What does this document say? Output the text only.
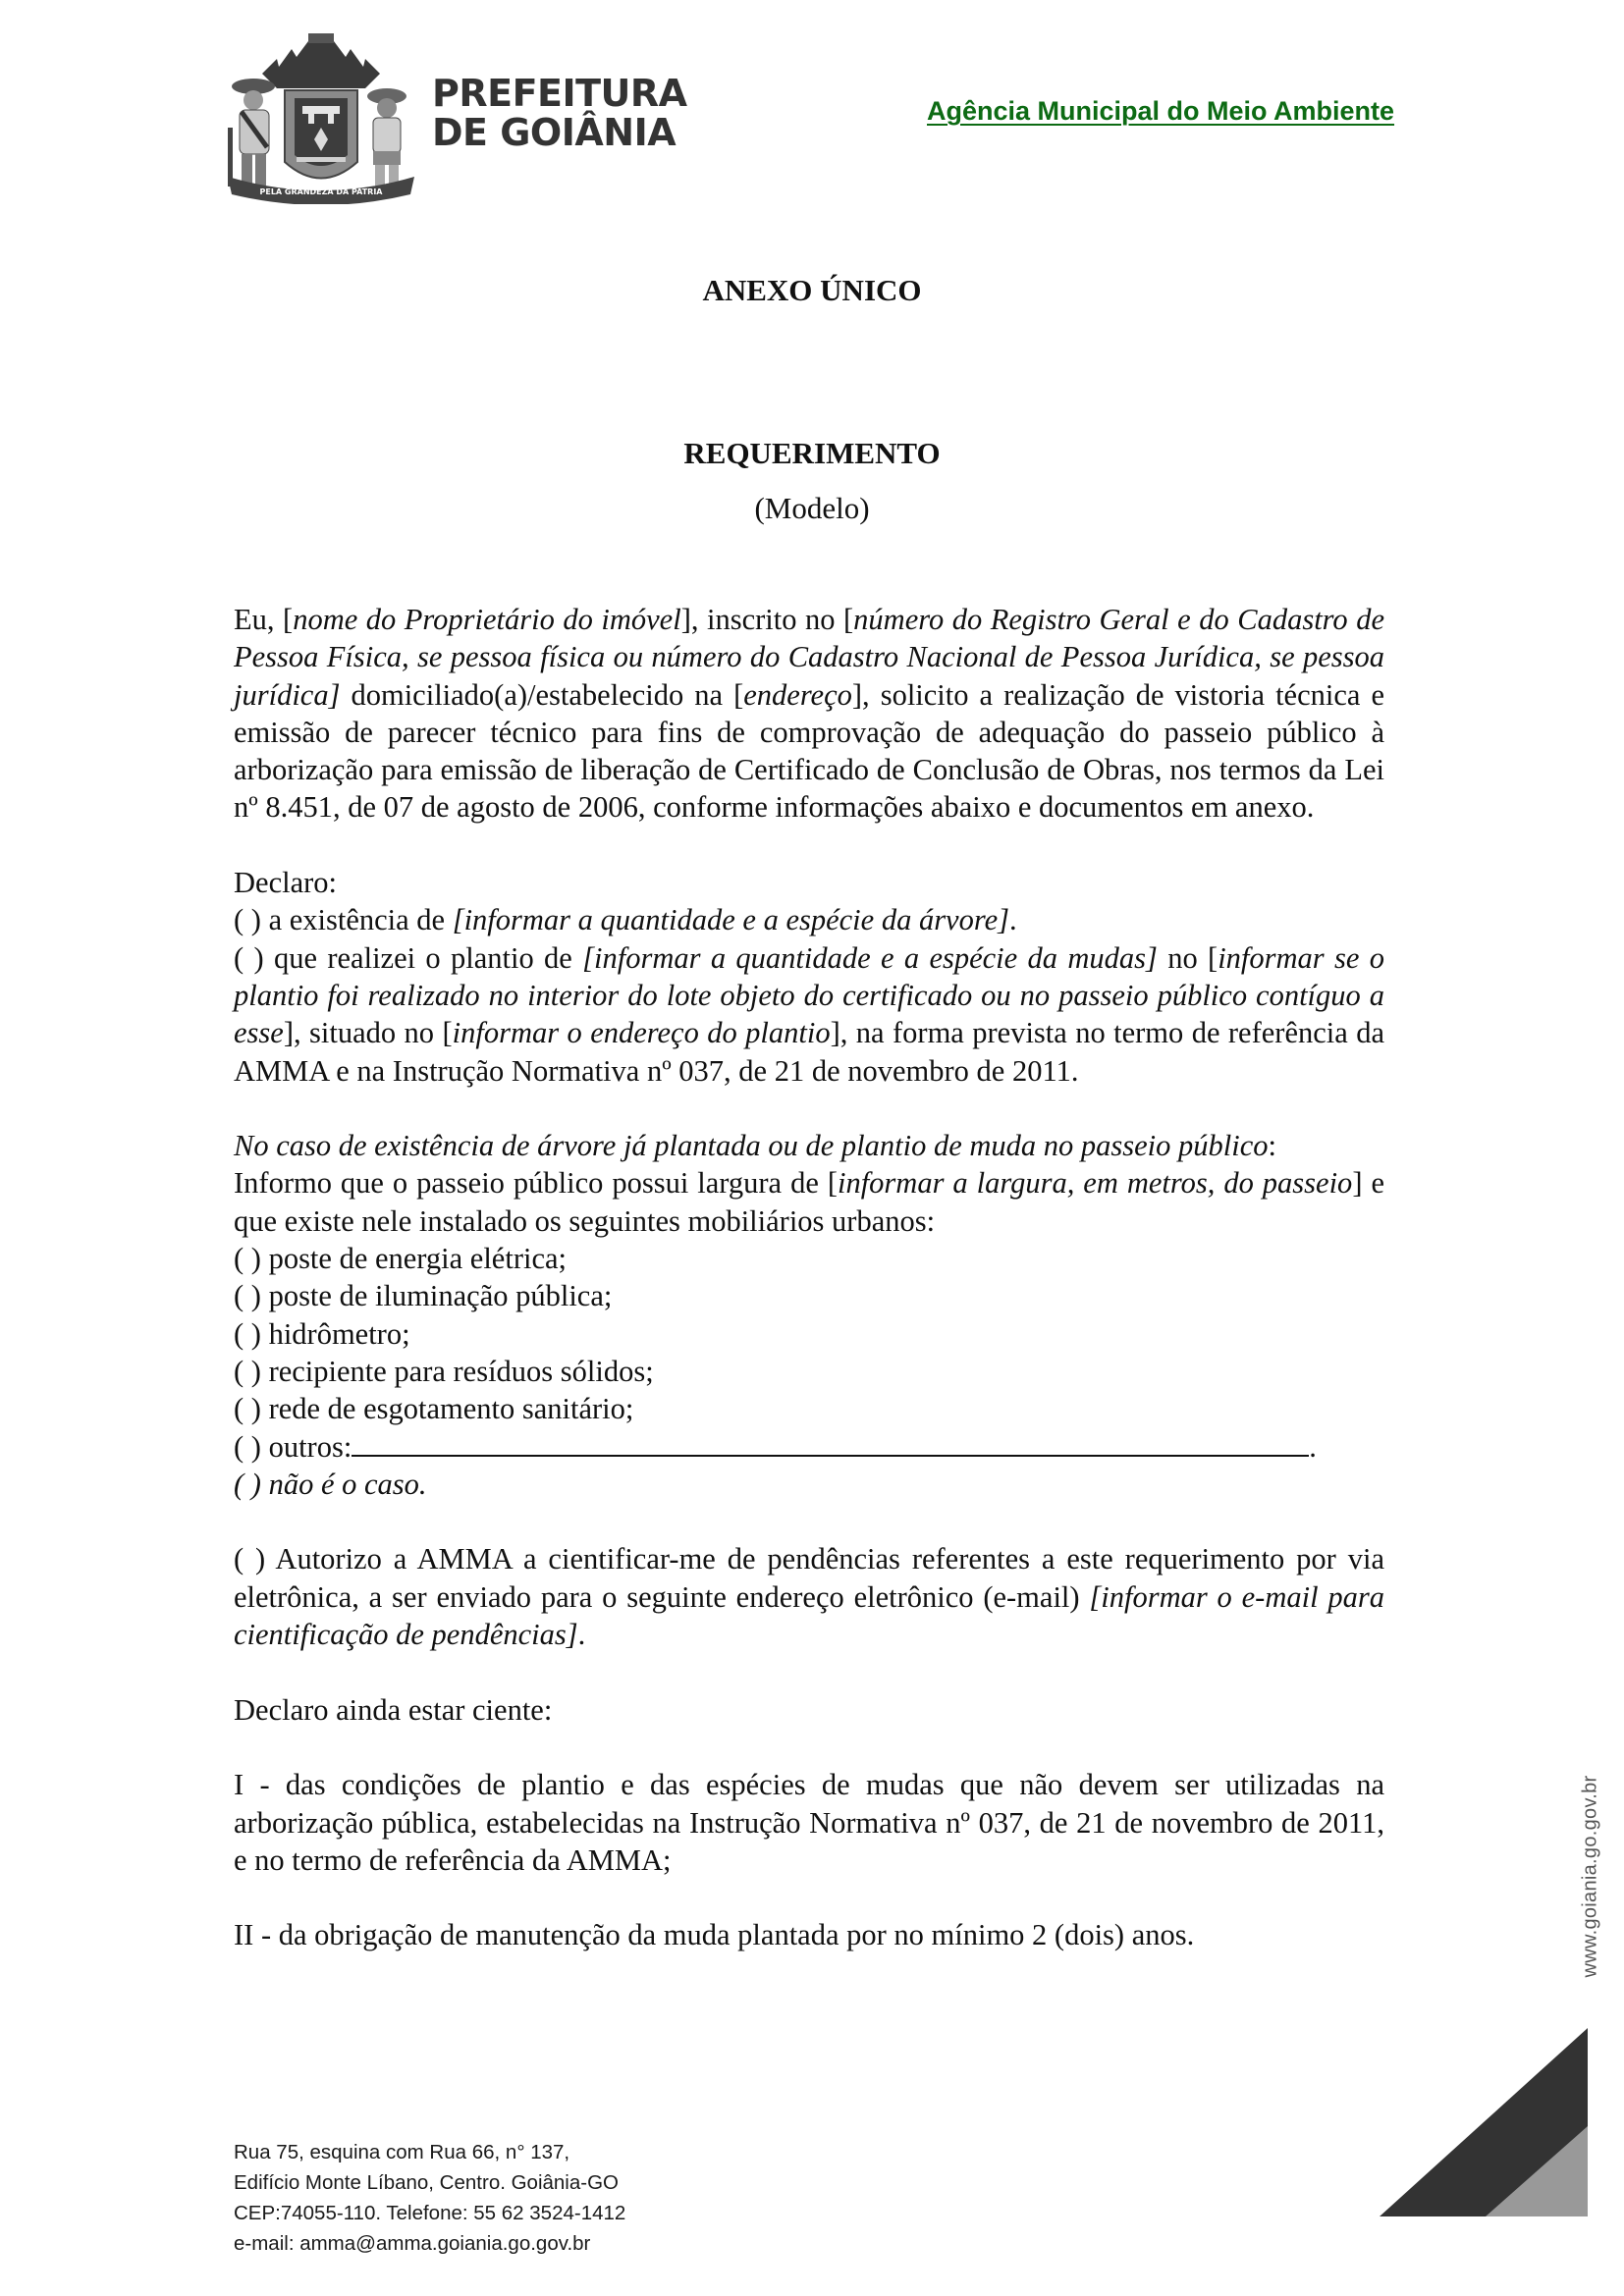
PELA GRANDEZA DA PÁTRIA
PREFEITURA
DE GOIÂNIA	Agência Municipal do Meio Ambiente
ANEXO ÚNICO
REQUERIMENTO
(Modelo)

Eu, [nome do Proprietário do imóvel], inscrito no [número do Registro Geral e do Cadastro de Pessoa Física, se pessoa física ou número do Cadastro Nacional de Pessoa Jurídica, se pessoa jurídica] domiciliado(a)/estabelecido na [endereço], solicito a realização de vistoria técnica e emissão de parecer técnico para fins de comprovação de adequação do passeio público à arborização para emissão de liberação de Certificado de Conclusão de Obras, nos termos da Lei nº 8.451, de 07 de agosto de 2006, conforme informações abaixo e documentos em anexo.

Declaro:

( ) a existência de [informar a quantidade e a espécie da árvore].

( ) que realizei o plantio de [informar a quantidade e a espécie da mudas] no [informar se o plantio foi realizado no interior do lote objeto do certificado ou no passeio público contíguo a esse], situado no [informar o endereço do plantio], na forma prevista no termo de referência da AMMA e na Instrução Normativa nº 037, de 21 de novembro de 2011.

No caso de existência de árvore já plantada ou de plantio de muda no passeio público:

Informo que o passeio público possui largura de [informar a largura, em metros, do passeio] e que existe nele instalado os seguintes mobiliários urbanos:

( ) poste de energia elétrica;

( ) poste de iluminação pública;

( ) hidrômetro;

( ) recipiente para resíduos sólidos;

( ) rede de esgotamento sanitário;

( ) outros:	.

( ) não é o caso.

( ) Autorizo a AMMA a cientificar-me de pendências referentes a este requerimento por via eletrônica, a ser enviado para o seguinte endereço eletrônico (e-mail) [informar o e-mail para cientificação de pendências].

Declaro ainda estar ciente:

I - das condições de plantio e das espécies de mudas que não devem ser utilizadas na arborização pública, estabelecidas na Instrução Normativa nº 037, de 21 de novembro de 2011, e no termo de referência da AMMA;

II - da obrigação de manutenção da muda plantada por no mínimo 2 (dois) anos.

Rua 75, esquina com Rua 66, n° 137,
Edifício Monte Líbano, Centro. Goiânia-GO
CEP:74055-110. Telefone: 55 62 3524-1412
e-mail: amma@amma.goiania.go.gov.br
www.goiania.go.gov.br
